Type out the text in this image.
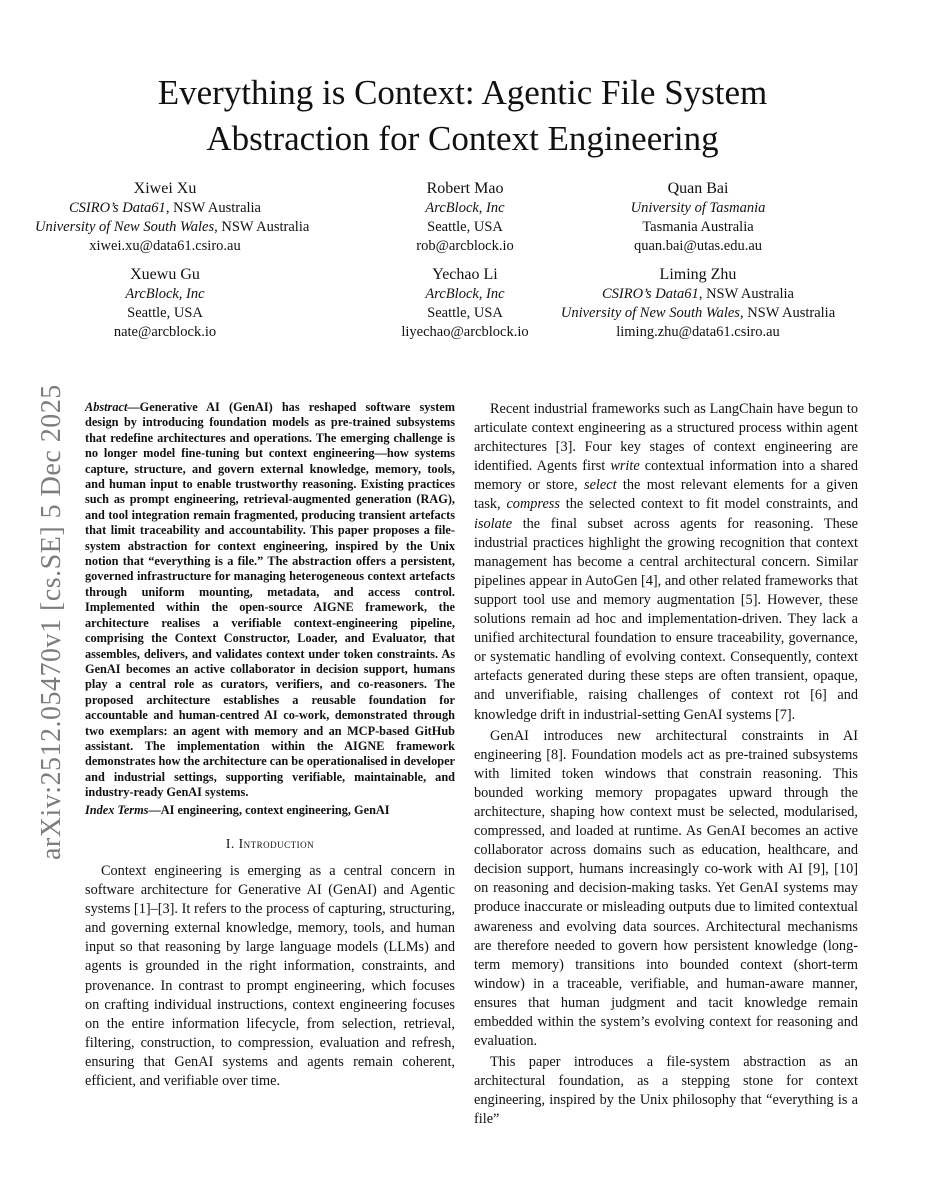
arXiv:2512.05470v1 [cs.SE] 5 Dec 2025
Everything is Context: Agentic File System
Abstraction for Context Engineering
Xiwei Xu
CSIRO’s Data61, NSW Australia
University of New South Wales, NSW Australia
xiwei.xu@data61.csiro.au
Robert Mao
ArcBlock, Inc
Seattle, USA
rob@arcblock.io
Quan Bai
University of Tasmania
Tasmania Australia
quan.bai@utas.edu.au
Xuewu Gu
ArcBlock, Inc
Seattle, USA
nate@arcblock.io
Yechao Li
ArcBlock, Inc
Seattle, USA
liyechao@arcblock.io
Liming Zhu
CSIRO’s Data61, NSW Australia
University of New South Wales, NSW Australia
liming.zhu@data61.csiro.au

Abstract—Generative AI (GenAI) has reshaped software system design by introducing foundation models as pre-trained subsystems that redefine architectures and operations. The emerging challenge is no longer model fine-tuning but context engineering—how systems capture, structure, and govern external knowledge, memory, tools, and human input to enable trustworthy reasoning. Existing practices such as prompt engineering, retrieval-augmented generation (RAG), and tool integration remain fragmented, producing transient artefacts that limit traceability and accountability. This paper proposes a file-system abstraction for context engineering, inspired by the Unix notion that “everything is a file.” The abstraction offers a persistent, governed infrastructure for managing heterogeneous context artefacts through uniform mounting, metadata, and access control. Implemented within the open-source AIGNE framework, the architecture realises a verifiable context-engineering pipeline, comprising the Context Constructor, Loader, and Evaluator, that assembles, delivers, and validates context under token constraints. As GenAI becomes an active collaborator in decision support, humans play a central role as curators, verifiers, and co-reasoners. The proposed architecture establishes a reusable foundation for accountable and human-centred AI co-work, demonstrated through two exemplars: an agent with memory and an MCP-based GitHub assistant. The implementation within the AIGNE framework demonstrates how the architecture can be operationalised in developer and industrial settings, supporting verifiable, maintainable, and industry-ready GenAI systems.

Index Terms—AI engineering, context engineering, GenAI

I. Introduction

Context engineering is emerging as a central concern in software architecture for Generative AI (GenAI) and Agentic systems [1]–[3]. It refers to the process of capturing, structuring, and governing external knowledge, memory, tools, and human input so that reasoning by large language models (LLMs) and agents is grounded in the right information, constraints, and provenance. In contrast to prompt engineering, which focuses on crafting individual instructions, context engineering focuses on the entire information lifecycle, from selection, retrieval, filtering, construction, to compression, evaluation and refresh, ensuring that GenAI systems and agents remain coherent, efficient, and verifiable over time.

Recent industrial frameworks such as LangChain have begun to articulate context engineering as a structured process within agent architectures [3]. Four key stages of context engineering are identified. Agents first write contextual information into a shared memory or store, select the most relevant elements for a given task, compress the selected context to fit model constraints, and isolate the final subset across agents for reasoning. These industrial practices highlight the growing recognition that context management has become a central architectural concern. Similar pipelines appear in AutoGen [4], and other related frameworks that support tool use and memory augmentation [5]. However, these solutions remain ad hoc and implementation-driven. They lack a unified architectural foundation to ensure traceability, governance, or systematic handling of evolving context. Consequently, context artefacts generated during these steps are often transient, opaque, and unverifiable, raising challenges of context rot [6] and knowledge drift in industrial-setting GenAI systems [7].

GenAI introduces new architectural constraints in AI engineering [8]. Foundation models act as pre-trained subsystems with limited token windows that constrain reasoning. This bounded working memory propagates upward through the architecture, shaping how context must be selected, modularised, compressed, and loaded at runtime. As GenAI becomes an active collaborator across domains such as education, healthcare, and decision support, humans increasingly co-work with AI [9], [10] on reasoning and decision-making tasks. Yet GenAI systems may produce inaccurate or misleading outputs due to limited contextual awareness and evolving data sources. Architectural mechanisms are therefore needed to govern how persistent knowledge (long-term memory) transitions into bounded context (short-term window) in a traceable, verifiable, and human-aware manner, ensures that human judgment and tacit knowledge remain embedded within the system’s evolving context for reasoning and evaluation.

This paper introduces a file-system abstraction as an architectural foundation, as a stepping stone for context engineering, inspired by the Unix philosophy that “everything is a file”
